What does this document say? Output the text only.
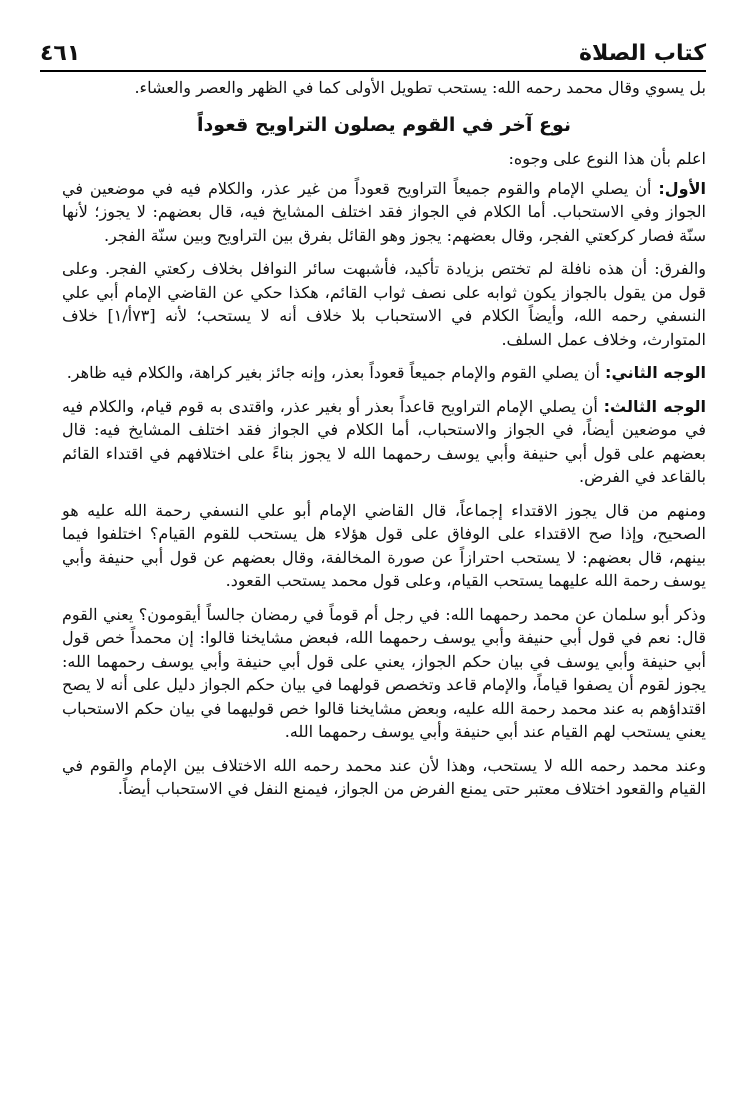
كتاب الصلاة
٤٦١

بل يسوي وقال محمد رحمه الله: يستحب تطويل الأولى كما في الظهر والعصر والعشاء.

نوع آخر في القوم يصلون التراويح قعوداً

اعلم بأن هذا النوع على وجوه:

الأول: أن يصلي الإمام والقوم جميعاً التراويح قعوداً من غير عذر، والكلام فيه في موضعين في الجواز وفي الاستحباب. أما الكلام في الجواز فقد اختلف المشايخ فيه، قال بعضهم: لا يجوز؛ لأنها سنّة فصار كركعتي الفجر، وقال بعضهم: يجوز وهو القائل بفرق بين التراويح وبين سنّة الفجر.

والفرق: أن هذه نافلة لم تختص بزيادة تأكيد، فأشبهت سائر النوافل بخلاف ركعتي الفجر. وعلى قول من يقول بالجواز يكون ثوابه على نصف ثواب القائم، هكذا حكي عن القاضي الإمام أبي علي النسفي رحمه الله، وأيضاً الكلام في الاستحباب بلا خلاف أنه لا يستحب؛ لأنه [٧٣أ/١] خلاف المتوارث، وخلاف عمل السلف.

الوجه الثاني: أن يصلي القوم والإمام جميعاً قعوداً بعذر، وإنه جائز بغير كراهة، والكلام فيه ظاهر.

الوجه الثالث: أن يصلي الإمام التراويح قاعداً بعذر أو بغير عذر، واقتدى به قوم قيام، والكلام فيه في موضعين أيضاً، في الجواز والاستحباب، أما الكلام في الجواز فقد اختلف المشايخ فيه: قال بعضهم على قول أبي حنيفة وأبي يوسف رحمهما الله لا يجوز بناءً على اختلافهم في اقتداء القائم بالقاعد في الفرض.

ومنهم من قال يجوز الاقتداء إجماعاً، قال القاضي الإمام أبو علي النسفي رحمة الله عليه هو الصحيح، وإذا صح الاقتداء على الوفاق على قول هؤلاء هل يستحب للقوم القيام؟ اختلفوا فيما بينهم، قال بعضهم: لا يستحب احترازاً عن صورة المخالفة، وقال بعضهم عن قول أبي حنيفة وأبي يوسف رحمة الله عليهما يستحب القيام، وعلى قول محمد يستحب القعود.

وذكر أبو سلمان عن محمد رحمهما الله: في رجل أم قوماً في رمضان جالساً أيقومون؟ يعني القوم قال: نعم في قول أبي حنيفة وأبي يوسف رحمهما الله، فبعض مشايخنا قالوا: إن محمداً خص قول أبي حنيفة وأبي يوسف في بيان حكم الجواز، يعني على قول أبي حنيفة وأبي يوسف رحمهما الله: يجوز لقوم أن يصفوا قياماً، والإمام قاعد وتخصص قولهما في بيان حكم الجواز دليل على أنه لا يصح اقتداؤهم به عند محمد رحمة الله عليه، وبعض مشايخنا قالوا خص قوليهما في بيان حكم الاستحباب يعني يستحب لهم القيام عند أبي حنيفة وأبي يوسف رحمهما الله.

وعند محمد رحمه الله لا يستحب، وهذا لأن عند محمد رحمه الله الاختلاف بين الإمام والقوم في القيام والقعود اختلاف معتبر حتى يمنع الفرض من الجواز، فيمنع النفل في الاستحباب أيضاً.
